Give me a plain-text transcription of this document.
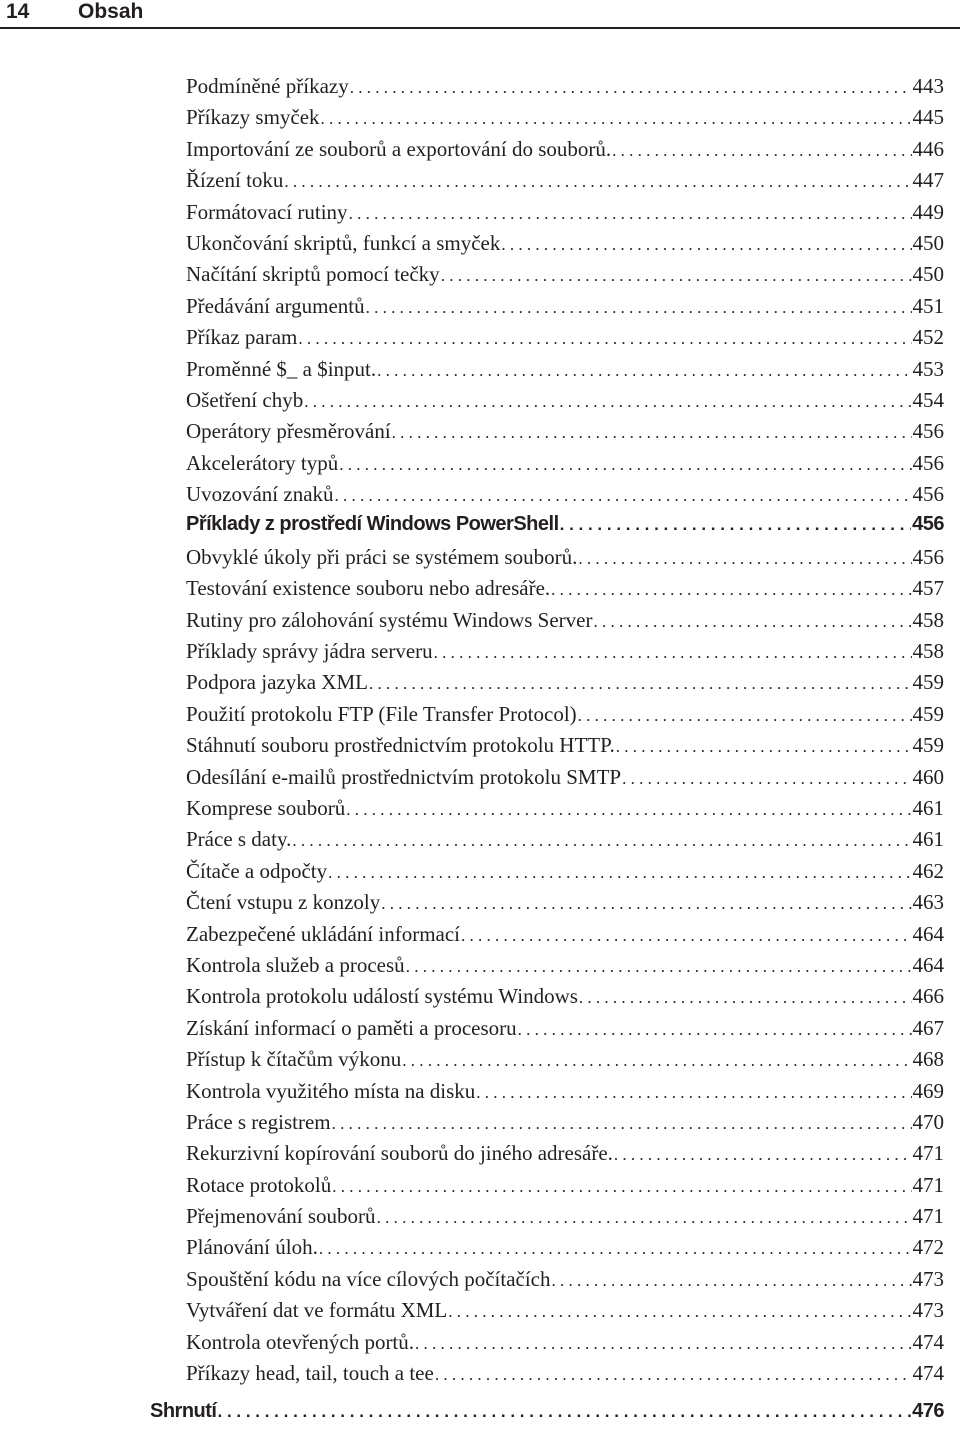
14 Obsah
Podmíněné příkazy . . .	443
Příkazy smyček . . .	445
Importování ze souborů a exportování do souborů. . . .	446
Řízení toku . . .	447
Formátovací rutiny . . .	449
Ukončování skriptů, funkcí a smyček . . .	450
Načítání skriptů pomocí tečky . . .	450
Předávání argumentů . . .	451
Příkaz param . . .	452
Proměnné $_ a $input. . . .	453
Ošetření chyb . . .	454
Operátory přesměrování . . .	456
Akcelerátory typů . . .	456
Uvozování znaků . . .	456
Příklady z prostředí Windows PowerShell . . .	456
Obvyklé úkoly při práci se systémem souborů. . . .	456
Testování existence souboru nebo adresáře. . . .	457
Rutiny pro zálohování systému Windows Server . . .	458
Příklady správy jádra serveru . . .	458
Podpora jazyka XML . . .	459
Použití protokolu FTP (File Transfer Protocol) . . .	459
Stáhnutí souboru prostřednictvím protokolu HTTP. . . .	459
Odesílání e-mailů prostřednictvím protokolu SMTP . . .	460
Komprese souborů . . .	461
Práce s daty. . . .	461
Čítače a odpočty . . .	462
Čtení vstupu z konzoly . . .	463
Zabezpečené ukládání informací . . .	464
Kontrola služeb a procesů . . .	464
Kontrola protokolu událostí systému Windows . . .	466
Získání informací o paměti a procesoru . . .	467
Přístup k čítačům výkonu . . .	468
Kontrola využitého místa na disku . . .	469
Práce s registrem . . .	470
Rekurzivní kopírování souborů do jiného adresáře. . . .	471
Rotace protokolů . . .	471
Přejmenování souborů . . .	471
Plánování úloh. . . .	472
Spouštění kódu na více cílových počítačích . . .	473
Vytváření dat ve formátu XML . . .	473
Kontrola otevřených portů. . . .	474
Příkazy head, tail, touch a tee . . .	474
Shrnutí . . .	476
